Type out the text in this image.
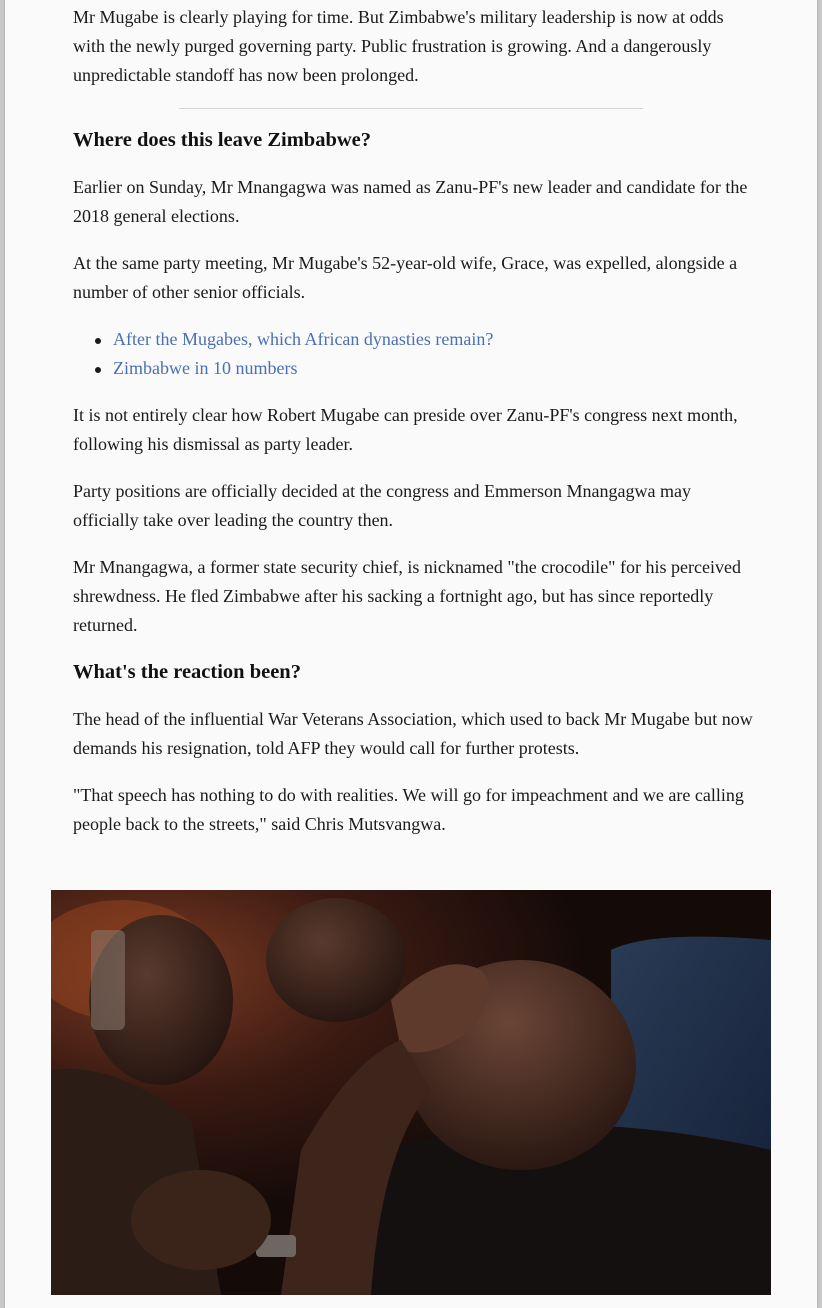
Mr Mugabe is clearly playing for time. But Zimbabwe's military leadership is now at odds with the newly purged governing party. Public frustration is growing. And a dangerously unpredictable standoff has now been prolonged.

Where does this leave Zimbabwe?

Earlier on Sunday, Mr Mnangagwa was named as Zanu-PF's new leader and candidate for the 2018 general elections.

At the same party meeting, Mr Mugabe's 52-year-old wife, Grace, was expelled, alongside a number of other senior officials.

After the Mugabes, which African dynasties remain?
Zimbabwe in 10 numbers

It is not entirely clear how Robert Mugabe can preside over Zanu-PF's congress next month, following his dismissal as party leader.

Party positions are officially decided at the congress and Emmerson Mnangagwa may officially take over leading the country then.

Mr Mnangagwa, a former state security chief, is nicknamed "the crocodile" for his perceived shrewdness. He fled Zimbabwe after his sacking a fortnight ago, but has since reportedly returned.

What's the reaction been?

The head of the influential War Veterans Association, which used to back Mr Mugabe but now demands his resignation, told AFP they would call for further protests.

"That speech has nothing to do with realities. We will go for impeachment and we are calling people back to the streets," said Chris Mutsvangwa.
